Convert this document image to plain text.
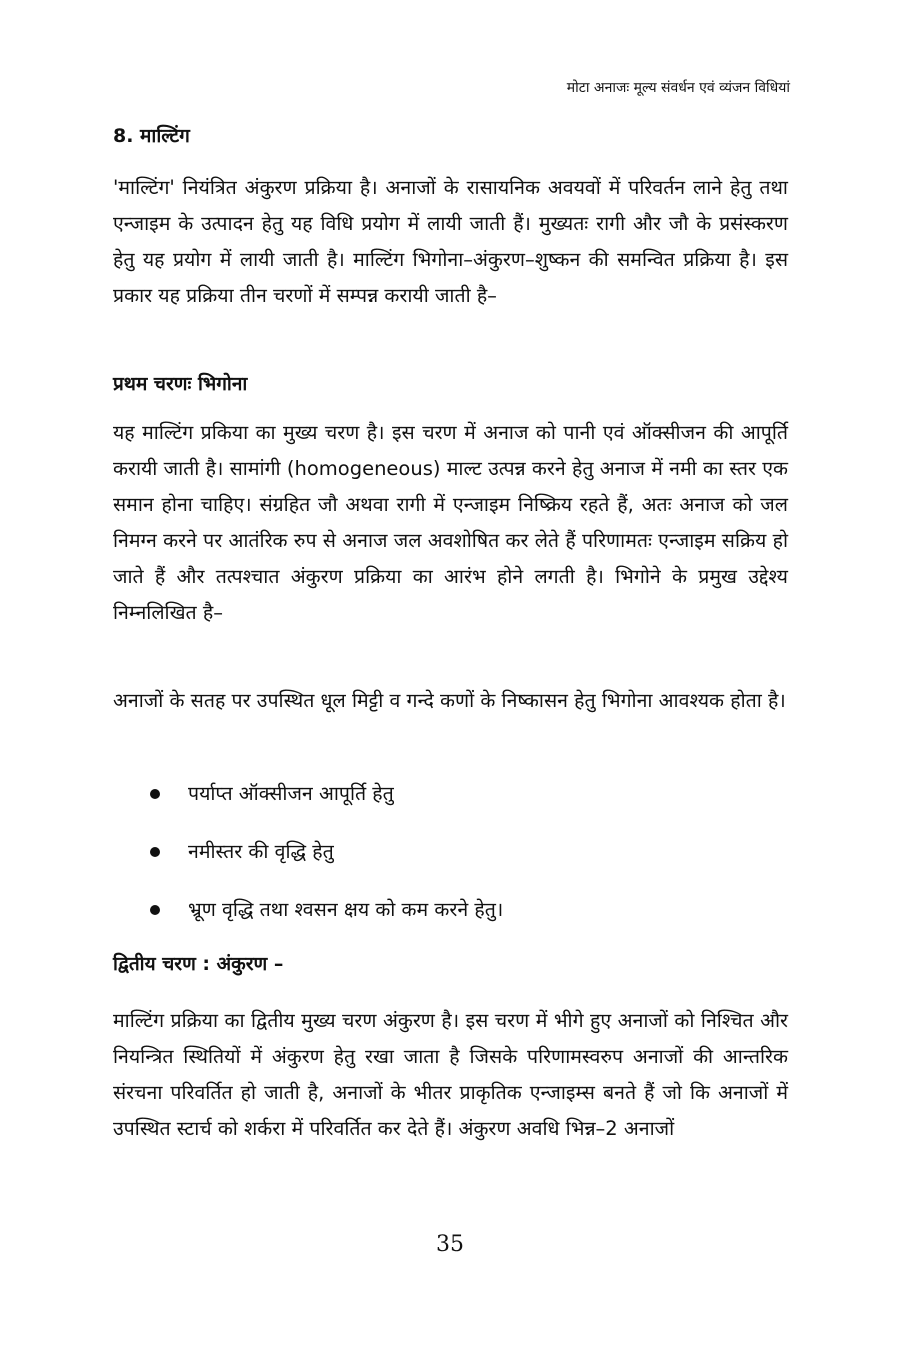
मोटा अनाजः मूल्य संवर्धन एवं व्यंजन विधियां
8. माल्टिंग
'माल्टिंग' नियंत्रित अंकुरण प्रक्रिया है। अनाजों के रासायनिक अवयवों में परिवर्तन लाने हेतु तथा एन्जाइम के उत्पादन हेतु यह विधि प्रयोग में लायी जाती हैं। मुख्यतः रागी और जौ के प्रसंस्करण हेतु यह प्रयोग में लायी जाती है। माल्टिंग भिगोना–अंकुरण–शुष्कन की समन्वित प्रक्रिया है। इस प्रकार यह प्रक्रिया तीन चरणों में सम्पन्न करायी जाती है–
प्रथम चरणः भिगोना
यह माल्टिंग प्रकिया का मुख्य चरण है। इस चरण में अनाज को पानी एवं ऑक्सीजन की आपूर्ति करायी जाती है। सामांगी (homogeneous) माल्ट उत्पन्न करने हेतु अनाज में नमी का स्तर एक समान होना चाहिए। संग्रहित जौ अथवा रागी में एन्जाइम निष्क्रिय रहते हैं, अतः अनाज को जल निमग्न करने पर आतंरिक रुप से अनाज जल अवशोषित कर लेते हैं परिणामतः एन्जाइम सक्रिय हो जाते हैं और तत्पश्चात अंकुरण प्रक्रिया का आरंभ होने लगती है। भिगोने के प्रमुख उद्देश्य निम्नलिखित है–
अनाजों के सतह पर उपस्थित धूल मिट्टी व गन्दे कणों के निष्कासन हेतु भिगोना आवश्यक होता है।
पर्याप्त ऑक्सीजन आपूर्ति हेतु
नमीस्तर की वृद्धि हेतु
भ्रूण वृद्धि तथा श्वसन क्षय को कम करने हेतु।
द्वितीय चरण : अंकुरण –
माल्टिंग प्रक्रिया का द्वितीय मुख्य चरण अंकुरण है। इस चरण में भीगे हुए अनाजों को निश्चित और नियन्त्रित स्थितियों में अंकुरण हेतु रखा जाता है जिसके परिणामस्वरुप अनाजों की आन्तरिक संरचना परिवर्तित हो जाती है, अनाजों के भीतर प्राकृतिक एन्जाइम्स बनते हैं जो कि अनाजों में उपस्थित स्टार्च को शर्करा में परिवर्तित कर देते हैं। अंकुरण अवधि भिन्न–2 अनाजों
35
